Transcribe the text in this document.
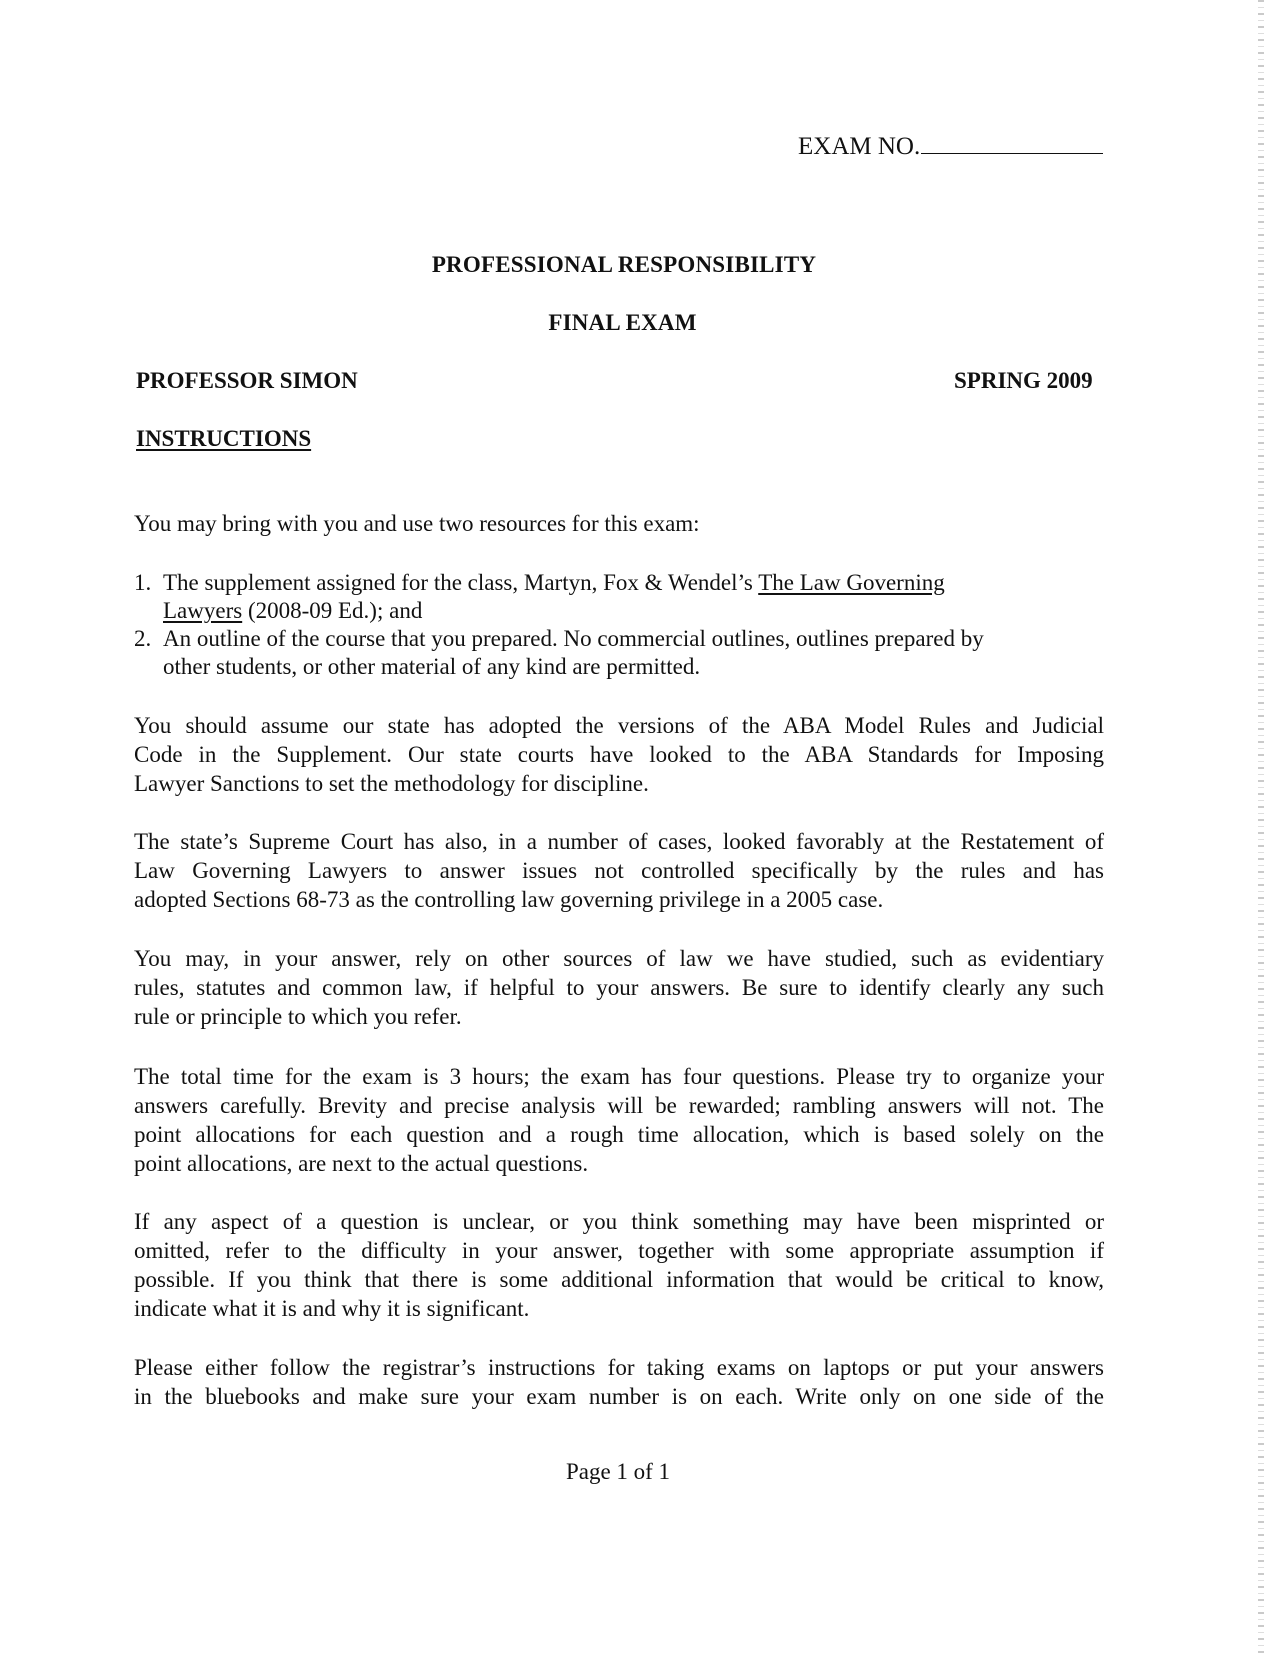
EXAM NO.
PROFESSIONAL RESPONSIBILITY
FINAL EXAM
PROFESSOR SIMON	SPRING 2009
INSTRUCTIONS
You may bring with you and use two resources for this exam:
1. The supplement assigned for the class, Martyn, Fox & Wendel’s The Law Governing
Lawyers (2008-09 Ed.); and
2. An outline of the course that you prepared. No commercial outlines, outlines prepared by
other students, or other material of any kind are permitted.
You should assume our state has adopted the versions of the ABA Model Rules and Judicial
Code in the Supplement. Our state courts have looked to the ABA Standards for Imposing
Lawyer Sanctions to set the methodology for discipline.
The state’s Supreme Court has also, in a number of cases, looked favorably at the Restatement of
Law Governing Lawyers to answer issues not controlled specifically by the rules and has
adopted Sections 68-73 as the controlling law governing privilege in a 2005 case.
You may, in your answer, rely on other sources of law we have studied, such as evidentiary
rules, statutes and common law, if helpful to your answers. Be sure to identify clearly any such
rule or principle to which you refer.
The total time for the exam is 3 hours; the exam has four questions. Please try to organize your
answers carefully. Brevity and precise analysis will be rewarded; rambling answers will not. The
point allocations for each question and a rough time allocation, which is based solely on the
point allocations, are next to the actual questions.
If any aspect of a question is unclear, or you think something may have been misprinted or
omitted, refer to the difficulty in your answer, together with some appropriate assumption if
possible. If you think that there is some additional information that would be critical to know,
indicate what it is and why it is significant.
Please either follow the registrar’s instructions for taking exams on laptops or put your answers
in the bluebooks and make sure your exam number is on each. Write only on one side of the
Page 1 of 1
